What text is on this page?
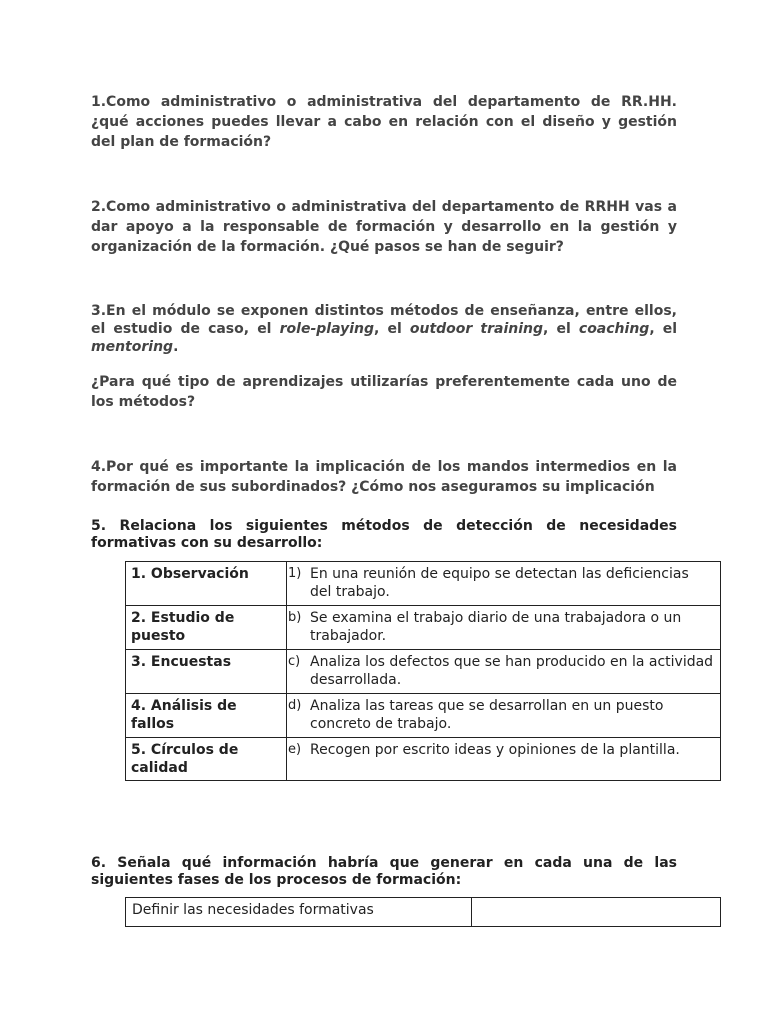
1.Como administrativo o administrativa del departamento de RR.HH. ¿qué acciones puedes llevar a cabo en relación con el diseño y gestión del plan de formación?
2.Como administrativo o administrativa del departamento de RRHH vas a dar apoyo a la responsable de formación y desarrollo en la gestión y organización de la formación. ¿Qué pasos se han de seguir?
3.En el módulo se exponen distintos métodos de enseñanza, entre ellos, el estudio de caso, el role-playing, el outdoor training, el coaching, el mentoring.
¿Para qué tipo de aprendizajes utilizarías preferentemente cada uno de los métodos?
4.Por qué es importante la implicación de los mandos intermedios en la formación de sus subordinados? ¿Cómo nos aseguramos su implicación
5. Relaciona los siguientes métodos de detección de necesidades formativas con su desarrollo:
1. Observación	1) En una reunión de equipo se detectan las deficiencias del trabajo.

2. Estudio de puesto	b) Se examina el trabajo diario de una trabajadora o un trabajador.

3. Encuestas	c) Analiza los defectos que se han producido en la actividad desarrollada.

4. Análisis de fallos	d) Analiza las tareas que se desarrollan en un puesto concreto de trabajo.

5. Círculos de calidad	e) Recogen por escrito ideas y opiniones de la plantilla.
6. Señala qué información habría que generar en cada una de las siguientes fases de los procesos de formación:
Definir las necesidades formativas	
